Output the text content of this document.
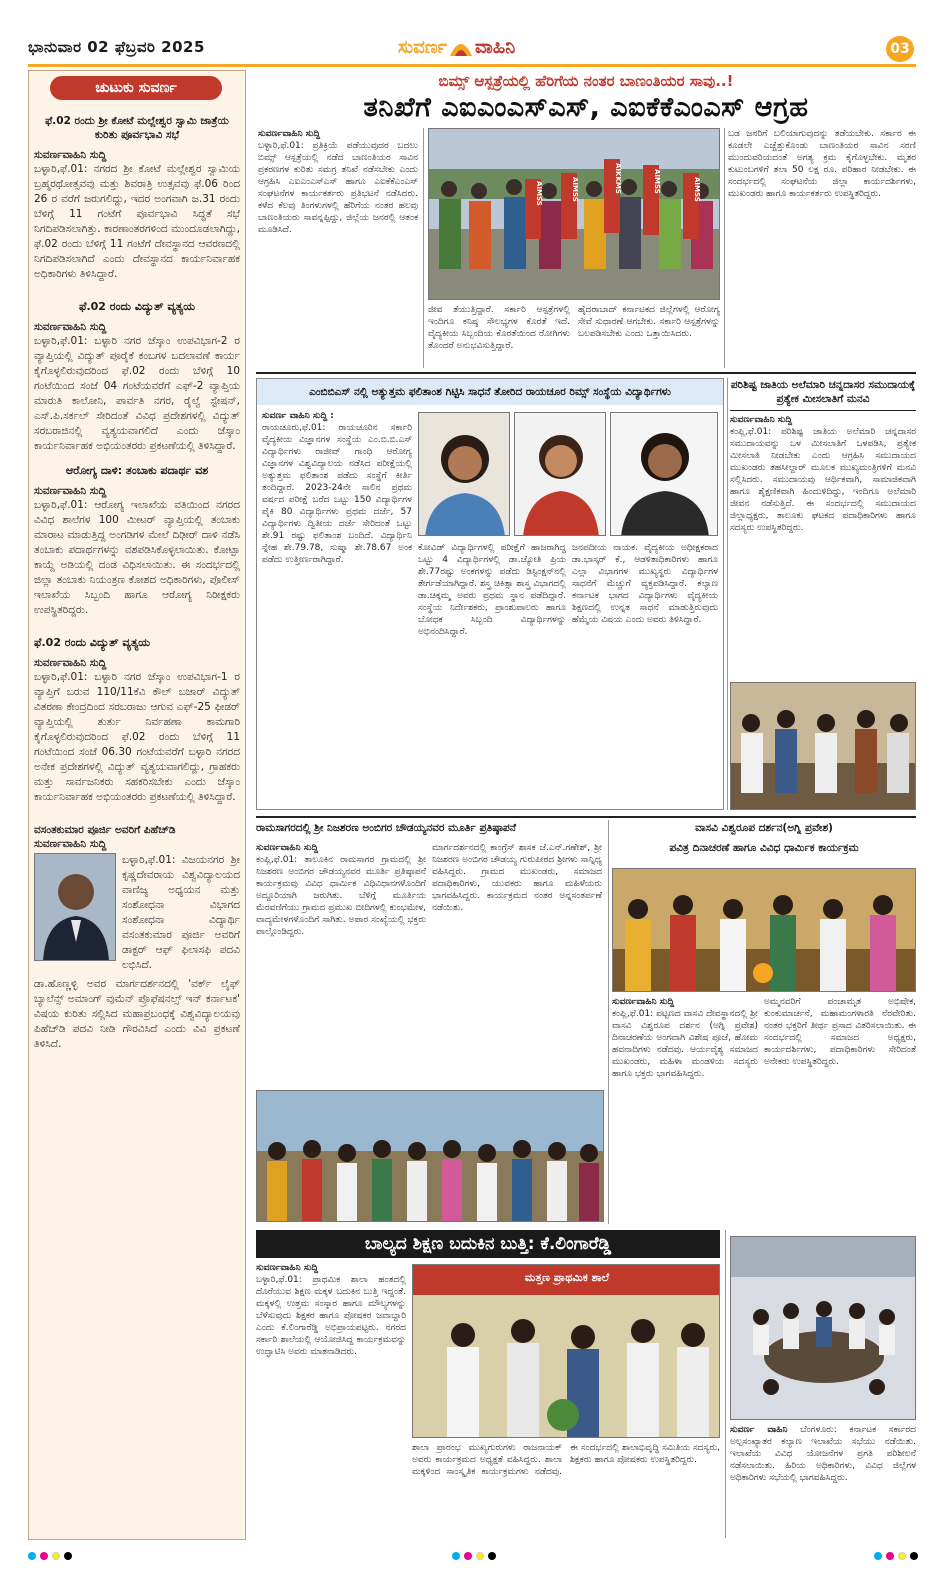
ಭಾನುವಾರ 02 ಫೆಬ್ರವರಿ 2025	ಸುವರ್ಣ ವಾಹಿನಿ	03
ಚುಟುಕು ಸುವರ್ಣ
ಫೆ.02 ರಂದು ಶ್ರೀ ಕೋಟೆ ಮಲ್ಲೇಶ್ವರ ಸ್ವಾಮಿ ಜಾತ್ರೆಯ ಕುರಿತು ಪೂರ್ವಭಾವಿ ಸಭೆ
ಸುವರ್ಣವಾಹಿನಿ ಸುದ್ದಿ
ಬಳ್ಳಾರಿ,ಫೆ.01: ನಗರದ ಶ್ರೀ ಕೋಟೆ ಮಲ್ಲೇಶ್ವರ ಸ್ವಾಮಿಯ ಬ್ರಹ್ಮರಥೋತ್ಸವವು ಮತ್ತು ಶಿವರಾತ್ರಿ ಉತ್ಸವವು ಫೆ.06 ರಿಂದ 26 ರ ವರೆಗೆ ಜರುಗಲಿದ್ದು, ಇದರ ಅಂಗವಾಗಿ ಜ.31 ರಂದು ಬೆಳಿಗ್ಗೆ 11 ಗಂಟೆಗೆ ಪೂರ್ವಭಾವಿ ಸಿದ್ಧತೆ ಸಭೆ ನಿಗದಿಪಡಿಸಲಾಗಿತ್ತು. ಕಾರಣಾಂತರಗಳಿಂದ ಮುಂದೂಡಲಾಗಿದ್ದು, ಫೆ.02 ರಂದು ಬೆಳಿಗ್ಗೆ 11 ಗಂಟೆಗೆ ದೇವಸ್ಥಾನದ ಆವರಣದಲ್ಲಿ ನಿಗದಿಪಡಿಸಲಾಗಿದೆ ಎಂದು ದೇವಸ್ಥಾನದ ಕಾರ್ಯನಿರ್ವಾಹಕ ಅಧಿಕಾರಿಗಳು ತಿಳಿಸಿದ್ದಾರೆ.
ಫೆ.02 ರಂದು ವಿದ್ಯುತ್ ವ್ಯತ್ಯಯ
ಸುವರ್ಣವಾಹಿನಿ ಸುದ್ದಿ
ಬಳ್ಳಾರಿ,ಫೆ.01: ಬಳ್ಳಾರಿ ನಗರ ಜೆಸ್ಕಾಂ ಉಪವಿಭಾಗ-2 ರ ವ್ಯಾಪ್ತಿಯಲ್ಲಿ ವಿದ್ಯುತ್ ಪೂರೈಕೆ ಕಂಬಗಳ ಬದಲಾವಣೆ ಕಾರ್ಯ ಕೈಗೊಳ್ಳಲಿರುವುದರಿಂದ ಫೆ.02 ರಂದು ಬೆಳಿಗ್ಗೆ 10 ಗಂಟೆಯಿಂದ ಸಂಜೆ 04 ಗಂಟೆಯವರೆಗೆ ಎಫ್-2 ವ್ಯಾಪ್ತಿಯ ಮಾರುತಿ ಕಾಲೋನಿ, ಪಾರ್ವತಿ ನಗರ, ರೈಲ್ವೆ ಸ್ಟೇಷನ್, ಎಸ್.ಪಿ.ಸರ್ಕಲ್ ಸೇರಿದಂತೆ ವಿವಿಧ ಪ್ರದೇಶಗಳಲ್ಲಿ ವಿದ್ಯುತ್ ಸರಬರಾಜಿನಲ್ಲಿ ವ್ಯತ್ಯಯವಾಗಲಿದೆ ಎಂದು ಜೆಸ್ಕಾಂ ಕಾರ್ಯನಿರ್ವಾಹಕ ಅಭಿಯಂತರರು ಪ್ರಕಟಣೆಯಲ್ಲಿ ತಿಳಿಸಿದ್ದಾರೆ.
ಆರೋಗ್ಯ ದಾಳಿ: ತಂಬಾಕು ಪದಾರ್ಥ ವಶ
ಸುವರ್ಣವಾಹಿನಿ ಸುದ್ದಿ
ಬಳ್ಳಾರಿ,ಫೆ.01: ಆರೋಗ್ಯ ಇಲಾಖೆಯ ವತಿಯಿಂದ ನಗರದ ವಿವಿಧ ಶಾಲೆಗಳ 100 ಮೀಟರ್ ವ್ಯಾಪ್ತಿಯಲ್ಲಿ ತಂಬಾಕು ಮಾರಾಟ ಮಾಡುತ್ತಿದ್ದ ಅಂಗಡಿಗಳ ಮೇಲೆ ದಿಢೀರ್ ದಾಳಿ ನಡೆಸಿ ತಂಬಾಕು ಪದಾರ್ಥಗಳನ್ನು ವಶಪಡಿಸಿಕೊಳ್ಳಲಾಯಿತು. ಕೋಟ್ಪಾ ಕಾಯ್ದೆ ಅಡಿಯಲ್ಲಿ ದಂಡ ವಿಧಿಸಲಾಯಿತು. ಈ ಸಂದರ್ಭದಲ್ಲಿ ಜಿಲ್ಲಾ ತಂಬಾಕು ನಿಯಂತ್ರಣ ಕೋಶದ ಅಧಿಕಾರಿಗಳು, ಪೊಲೀಸ್ ಇಲಾಖೆಯ ಸಿಬ್ಬಂದಿ ಹಾಗೂ ಆರೋಗ್ಯ ನಿರೀಕ್ಷಕರು ಉಪಸ್ಥಿತರಿದ್ದರು.
ಫೆ.02 ರಂದು ವಿದ್ಯುತ್ ವ್ಯತ್ಯಯ
ಸುವರ್ಣವಾಹಿನಿ ಸುದ್ದಿ
ಬಳ್ಳಾರಿ,ಫೆ.01: ಬಳ್ಳಾರಿ ನಗರ ಜೆಸ್ಕಾಂ ಉಪವಿಭಾಗ-1 ರ ವ್ಯಾಪ್ತಿಗೆ ಬರುವ 110/11ಕೆವಿ ಕೌಲ್ ಬಜಾರ್ ವಿದ್ಯುತ್ ವಿತರಣಾ ಕೇಂದ್ರದಿಂದ ಸರಬರಾಜು ಆಗುವ ಎಫ್-25 ಫೀಡರ್ ವ್ಯಾಪ್ತಿಯಲ್ಲಿ ತುರ್ತು ನಿರ್ವಹಣಾ ಕಾಮಗಾರಿ ಕೈಗೊಳ್ಳಲಿರುವುದರಿಂದ ಫೆ.02 ರಂದು ಬೆಳಿಗ್ಗೆ 11 ಗಂಟೆಯಿಂದ ಸಂಜೆ 06.30 ಗಂಟೆಯವರೆಗೆ ಬಳ್ಳಾರಿ ನಗರದ ಅನೇಕ ಪ್ರದೇಶಗಳಲ್ಲಿ ವಿದ್ಯುತ್ ವ್ಯತ್ಯಯವಾಗಲಿದ್ದು, ಗ್ರಾಹಕರು ಮತ್ತು ಸಾರ್ವಜನಿಕರು ಸಹಕರಿಸಬೇಕು ಎಂದು ಜೆಸ್ಕಾಂ ಕಾರ್ಯನಿರ್ವಾಹಕ ಅಭಿಯಂತರರು ಪ್ರಕಟಣೆಯಲ್ಲಿ ತಿಳಿಸಿದ್ದಾರೆ.
ವಸಂತಕುಮಾರ ಪೂರ್ಜಿ ಅವರಿಗೆ ಪಿಹೆಚ್‌ಡಿ
ಸುವರ್ಣವಾಹಿನಿ ಸುದ್ದಿ
ಬಳ್ಳಾರಿ,ಫೆ.01: ವಿಜಯನಗರ ಶ್ರೀ ಕೃಷ್ಣದೇವರಾಯ ವಿಶ್ವವಿದ್ಯಾಲಯದ ವಾಣಿಜ್ಯ ಅಧ್ಯಯನ ಮತ್ತು ಸಂಶೋಧನಾ ವಿಭಾಗದ ಸಂಶೋಧನಾ ವಿದ್ಯಾರ್ಥಿ ವಸಂತಕುಮಾರ ಪೂರ್ಜಿ ಅವರಿಗೆ ಡಾಕ್ಟರ್ ಆಫ್ ಫಿಲಾಸಫಿ ಪದವಿ ಲಭಿಸಿದೆ.
ಡಾ.ಹೊಣ್ಣಳ್ಳಿ ಅವರ ಮಾರ್ಗದರ್ಶನದಲ್ಲಿ 'ವರ್ಕ್ ಲೈಫ್ ಬ್ಯಾಲೆನ್ಸ್ ಅಮಾಂಗ್ ವುಮೆನ್ ಪ್ರೊಫೆಷನಲ್ಸ್ ಇನ್ ಕರ್ನಾಟಕ' ವಿಷಯ ಕುರಿತು ಸಲ್ಲಿಸಿದ ಮಹಾಪ್ರಬಂಧಕ್ಕೆ ವಿಶ್ವವಿದ್ಯಾಲಯವು ಪಿಹೆಚ್‌ಡಿ ಪದವಿ ನೀಡಿ ಗೌರವಿಸಿದೆ ಎಂದು ವಿವಿ ಪ್ರಕಟಣೆ ತಿಳಿಸಿದೆ.
ಬಿಮ್ಸ್ ಆಸ್ಪತ್ರೆಯಲ್ಲಿ ಹೆರಿಗೆಯ ನಂತರ ಬಾಣಂತಿಯರ ಸಾವು..!
ತನಿಖೆಗೆ ಎಐಎಂಎಸ್‌ಎಸ್, ಎಐಕೆಕೆಎಂಎಸ್ ಆಗ್ರಹ
ಸುವರ್ಣವಾಹಿನಿ ಸುದ್ದಿ
ಬಳ್ಳಾರಿ,ಫೆ.01: ಪ್ರತಿಕ್ರಿಯೆ ಪಡೆಯುವುದರ ಬದಲು ಬಿಮ್ಸ್ ಆಸ್ಪತ್ರೆಯಲ್ಲಿ ನಡೆದ ಬಾಣಂತಿಯರ ಸಾವಿನ ಪ್ರಕರಣಗಳ ಕುರಿತು ಸಮಗ್ರ ತನಿಖೆ ನಡೆಸಬೇಕು ಎಂದು ಆಗ್ರಹಿಸಿ ಎಐಎಂಎಸ್‌ಎಸ್ ಹಾಗೂ ಎಐಕೆಕೆಎಂಎಸ್ ಸಂಘಟನೆಗಳ ಕಾರ್ಯಕರ್ತರು ಪ್ರತಿಭಟನೆ ನಡೆಸಿದರು. ಕಳೆದ ಕೆಲವು ತಿಂಗಳುಗಳಲ್ಲಿ ಹೆರಿಗೆಯ ನಂತರ ಹಲವು ಬಾಣಂತಿಯರು ಸಾವನ್ನಪ್ಪಿದ್ದು, ಜಿಲ್ಲೆಯ ಜನರಲ್ಲಿ ಆತಂಕ ಮೂಡಿಸಿದೆ.
AIMSS	AIMSS	AIKKMS	AIMSS	AIMSS
ಜೀವ ತೆಯುತ್ತಿದ್ದಾರೆ. ಸರ್ಕಾರಿ ಆಸ್ಪತ್ರೆಗಳಲ್ಲಿ ಇಂದಿಗೂ ಕನಿಷ್ಠ ಸೌಲಭ್ಯಗಳ ಕೊರತೆ ಇದೆ. ವೈದ್ಯಕೀಯ ಸಿಬ್ಬಂದಿಯ ಕೊರತೆಯಿಂದ ರೋಗಿಗಳು ತೊಂದರೆ ಅನುಭವಿಸುತ್ತಿದ್ದಾರೆ.
ಹೈದರಾಬಾದ್ ಕರ್ನಾಟಕದ ಜಿಲ್ಲೆಗಳಲ್ಲಿ ಆರೋಗ್ಯ ಸೇವೆ ಸುಧಾರಣೆ ಆಗಬೇಕು. ಸರ್ಕಾರಿ ಆಸ್ಪತ್ರೆಗಳನ್ನು ಬಲಪಡಿಸಬೇಕು ಎಂದು ಒತ್ತಾಯಿಸಿದರು.
ಬಡ ಜನರಿಗೆ ಬಲಿಯಾಗುವುದನ್ನು ತಡೆಯಬೇಕು. ಸರ್ಕಾರ ಈ ಕೂಡಲೇ ಎಚ್ಚೆತ್ತುಕೊಂಡು ಬಾಣಂತಿಯರ ಸಾವಿನ ಸರಣಿ ಮುಂದುವರಿಯದಂತೆ ಅಗತ್ಯ ಕ್ರಮ ಕೈಗೊಳ್ಳಬೇಕು. ಮೃತರ ಕುಟುಂಬಗಳಿಗೆ ತಲಾ 50 ಲಕ್ಷ ರೂ. ಪರಿಹಾರ ನೀಡಬೇಕು. ಈ ಸಂದರ್ಭದಲ್ಲಿ ಸಂಘಟನೆಯ ಜಿಲ್ಲಾ ಕಾರ್ಯದರ್ಶಿಗಳು, ಮುಖಂಡರು ಹಾಗೂ ಕಾರ್ಯಕರ್ತರು ಉಪಸ್ಥಿತರಿದ್ದರು.
ಎಂಬಿಬಿಎಸ್ ನಲ್ಲಿ ಅತ್ಯುತ್ತಮ ಫಲಿತಾಂಶ ಗಿಟ್ಟಿಸಿ ಸಾಧನೆ ತೋರಿದ ರಾಯಚೂರ ರಿಮ್ಸ್ ಸಂಸ್ಥೆಯ ವಿದ್ಯಾರ್ಥಿಗಳು
ಸುವರ್ಣ ವಾಹಿನಿ ಸುದ್ದಿ :
ರಾಯಚೂರು,ಫೆ.01: ರಾಯಚೂರಿನ ಸರ್ಕಾರಿ ವೈದ್ಯಕೀಯ ವಿಜ್ಞಾನಗಳ ಸಂಸ್ಥೆಯ ಎಂ.ಬಿ.ಬಿ.ಎಸ್ ವಿದ್ಯಾರ್ಥಿಗಳು ರಾಜೀವ್ ಗಾಂಧಿ ಆರೋಗ್ಯ ವಿಜ್ಞಾನಗಳ ವಿಶ್ವವಿದ್ಯಾಲಯ ನಡೆಸಿದ ಪರೀಕ್ಷೆಯಲ್ಲಿ ಅತ್ಯುತ್ತಮ ಫಲಿತಾಂಶ ಪಡೆದು ಸಂಸ್ಥೆಗೆ ಕೀರ್ತಿ ತಂದಿದ್ದಾರೆ. 2023-24ನೇ ಸಾಲಿನ ಪ್ರಥಮ ವರ್ಷದ ಪರೀಕ್ಷೆ ಬರೆದ ಒಟ್ಟು 150 ವಿದ್ಯಾರ್ಥಿಗಳ ಪೈಕಿ 80 ವಿದ್ಯಾರ್ಥಿಗಳು ಪ್ರಥಮ ದರ್ಜೆ, 57 ವಿದ್ಯಾರ್ಥಿಗಳು ದ್ವಿತೀಯ ದರ್ಜೆ ಸೇರಿದಂತೆ ಒಟ್ಟು ಶೇ.91 ರಷ್ಟು ಫಲಿತಾಂಶ ಬಂದಿದೆ. ವಿದ್ಯಾರ್ಥಿನಿ ಸ್ನೇಹ ಶೇ.79.78, ಸುಷ್ಮಾ ಶೇ.78.67 ಅಂಕ ಪಡೆದು ಉತ್ತೀರ್ಣರಾಗಿದ್ದಾರೆ.
ಕೋವಿಡ್ ವಿದ್ಯಾರ್ಥಿಗಳಲ್ಲಿ ಪರೀಕ್ಷೆಗೆ ಹಾಜರಾಗಿದ್ದ ಒಟ್ಟು 4 ವಿದ್ಯಾರ್ಥಿಗಳಲ್ಲಿ ಡಾ.ಜ್ಯೋತಿ ಪ್ರಿಯ ಶೇ.77ರಷ್ಟು ಅಂಕಗಳನ್ನು ಪಡೆದು ಡಿಸ್ಟಿಂಕ್ಷನ್‌ನಲ್ಲಿ ತೇರ್ಗಡೆಯಾಗಿದ್ದಾರೆ. ಶಸ್ತ್ರ ಚಿಕಿತ್ಸಾ ಶಾಸ್ತ್ರ ವಿಭಾಗದಲ್ಲಿ ಡಾ.ಚಿಕ್ಕಮ್ಮ ಅವರು ಪ್ರಥಮ ಸ್ಥಾನ ಪಡೆದಿದ್ದಾರೆ. ಸಂಸ್ಥೆಯ ನಿರ್ದೇಶಕರು, ಪ್ರಾಂಶುಪಾಲರು ಹಾಗೂ ಬೋಧಕ ಸಿಬ್ಬಂದಿ ವಿದ್ಯಾರ್ಥಿಗಳನ್ನು ಅಭಿನಂದಿಸಿದ್ದಾರೆ.
ಜನಪದೀಯ ನಾಯಕ. ವೈದ್ಯಕೀಯ ಅಧೀಕ್ಷಕರಾದ ಡಾ.ಭಾಸ್ಕರ್ ಕೆ., ಆಡಳಿತಾಧಿಕಾರಿಗಳು ಹಾಗೂ ಎಲ್ಲಾ ವಿಭಾಗಗಳ ಮುಖ್ಯಸ್ಥರು ವಿದ್ಯಾರ್ಥಿಗಳ ಸಾಧನೆಗೆ ಮೆಚ್ಚುಗೆ ವ್ಯಕ್ತಪಡಿಸಿದ್ದಾರೆ. ಕಲ್ಯಾಣ ಕರ್ನಾಟಕ ಭಾಗದ ವಿದ್ಯಾರ್ಥಿಗಳು ವೈದ್ಯಕೀಯ ಶಿಕ್ಷಣದಲ್ಲಿ ಉನ್ನತ ಸಾಧನೆ ಮಾಡುತ್ತಿರುವುದು ಹೆಮ್ಮೆಯ ವಿಷಯ ಎಂದು ಅವರು ತಿಳಿಸಿದ್ದಾರೆ.
ಪರಿಶಿಷ್ಟ ಜಾತಿಯ ಅಲೆಮಾರಿ ಚನ್ನದಾಸರ ಸಮುದಾಯಕ್ಕೆ ಪ್ರತ್ಯೇಕ ಮೀಸಲಾತಿಗೆ ಮನವಿ
ಸುವರ್ಣವಾಹಿನಿ ಸುದ್ದಿ
ಕಂಪ್ಲಿ,ಫೆ.01: ಪರಿಶಿಷ್ಟ ಜಾತಿಯ ಅಲೆಮಾರಿ ಚನ್ನದಾಸರ ಸಮುದಾಯವನ್ನು ಒಳ ಮೀಸಲಾತಿಗೆ ಒಳಪಡಿಸಿ, ಪ್ರತ್ಯೇಕ ಮೀಸಲಾತಿ ನೀಡಬೇಕು ಎಂದು ಆಗ್ರಹಿಸಿ ಸಮುದಾಯದ ಮುಖಂಡರು ತಹಸೀಲ್ದಾರ್ ಮೂಲಕ ಮುಖ್ಯಮಂತ್ರಿಗಳಿಗೆ ಮನವಿ ಸಲ್ಲಿಸಿದರು. ಸಮುದಾಯವು ಆರ್ಥಿಕವಾಗಿ, ಸಾಮಾಜಿಕವಾಗಿ ಹಾಗೂ ಶೈಕ್ಷಣಿಕವಾಗಿ ಹಿಂದುಳಿದಿದ್ದು, ಇಂದಿಗೂ ಅಲೆಮಾರಿ ಜೀವನ ನಡೆಸುತ್ತಿದೆ. ಈ ಸಂದರ್ಭದಲ್ಲಿ ಸಮುದಾಯದ ಜಿಲ್ಲಾಧ್ಯಕ್ಷರು, ತಾಲೂಕು ಘಟಕದ ಪದಾಧಿಕಾರಿಗಳು ಹಾಗೂ ಸದಸ್ಯರು ಉಪಸ್ಥಿತರಿದ್ದರು.
ರಾಮಸಾಗರದಲ್ಲಿ ಶ್ರೀ ನಿಜಶರಣ ಅಂಬಿಗರ ಚೌಡಯ್ಯನವರ ಮೂರ್ತಿ ಪ್ರತಿಷ್ಠಾಪನೆ
ಸುವರ್ಣವಾಹಿನಿ ಸುದ್ದಿ
ಕಂಪ್ಲಿ,ಫೆ.01: ತಾಲೂಕಿನ ರಾಮಸಾಗರ ಗ್ರಾಮದಲ್ಲಿ ಶ್ರೀ ನಿಜಶರಣ ಅಂಬಿಗರ ಚೌಡಯ್ಯನವರ ಮೂರ್ತಿ ಪ್ರತಿಷ್ಠಾಪನೆ ಕಾರ್ಯಕ್ರಮವು ವಿವಿಧ ಧಾರ್ಮಿಕ ವಿಧಿವಿಧಾನಗಳೊಂದಿಗೆ ಅದ್ದೂರಿಯಾಗಿ ಜರುಗಿತು. ಬೆಳಿಗ್ಗೆ ಮೂರ್ತಿಯ ಮೆರವಣಿಗೆಯು ಗ್ರಾಮದ ಪ್ರಮುಖ ಬೀದಿಗಳಲ್ಲಿ ಕುಂಭಮೇಳ, ವಾದ್ಯಮೇಳಗಳೊಂದಿಗೆ ಸಾಗಿತು. ಅಪಾರ ಸಂಖ್ಯೆಯಲ್ಲಿ ಭಕ್ತರು ಪಾಲ್ಗೊಂಡಿದ್ದರು.
ಮಾರ್ಗದರ್ಶನದಲ್ಲಿ ಕಾಂಗ್ರೆಸ್ ಶಾಸಕ ಜೆ.ಎನ್.ಗಣೇಶ್, ಶ್ರೀ ನಿಜಶರಣ ಅಂಬಿಗರ ಚೌಡಯ್ಯ ಗುರುಪೀಠದ ಶ್ರೀಗಳು ಸಾನ್ನಿಧ್ಯ ವಹಿಸಿದ್ದರು. ಗ್ರಾಮದ ಮುಖಂಡರು, ಸಮಾಜದ ಪದಾಧಿಕಾರಿಗಳು, ಯುವಕರು ಹಾಗೂ ಮಹಿಳೆಯರು ಭಾಗವಹಿಸಿದ್ದರು. ಕಾರ್ಯಕ್ರಮದ ನಂತರ ಅನ್ನಸಂತರ್ಪಣೆ ನಡೆಯಿತು.
ವಾಸವಿ ವಿಶ್ವರೂಪ ದರ್ಶನ(ಅಗ್ನಿ ಪ್ರವೇಶ)
ಪವಿತ್ರ ದಿನಾಚರಣೆ ಹಾಗೂ ವಿವಿಧ ಧಾರ್ಮಿಕ ಕಾರ್ಯಕ್ರಮ
ಸುವರ್ಣವಾಹಿನಿ ಸುದ್ದಿ
ಕಂಪ್ಲಿ,ಫೆ.01: ಪಟ್ಟಣದ ವಾಸವಿ ದೇವಸ್ಥಾನದಲ್ಲಿ ಶ್ರೀ ವಾಸವಿ ವಿಶ್ವರೂಪ ದರ್ಶನ (ಅಗ್ನಿ ಪ್ರವೇಶ) ದಿನಾಚರಣೆಯ ಅಂಗವಾಗಿ ವಿಶೇಷ ಪೂಜೆ, ಹೋಮ ಹವನಾದಿಗಳು ನಡೆದವು. ಆರ್ಯವೈಶ್ಯ ಸಮಾಜದ ಮುಖಂಡರು, ಮಹಿಳಾ ಮಂಡಳಿಯ ಸದಸ್ಯರು ಹಾಗೂ ಭಕ್ತರು ಭಾಗವಹಿಸಿದ್ದರು.
ಅಮ್ಮನವರಿಗೆ ಪಂಚಾಮೃತ ಅಭಿಷೇಕ, ಕುಂಕುಮಾರ್ಚನೆ, ಮಹಾಮಂಗಳಾರತಿ ನೆರವೇರಿತು. ನಂತರ ಭಕ್ತರಿಗೆ ತೀರ್ಥ ಪ್ರಸಾದ ವಿತರಿಸಲಾಯಿತು. ಈ ಸಂದರ್ಭದಲ್ಲಿ ಸಮಾಜದ ಅಧ್ಯಕ್ಷರು, ಕಾರ್ಯದರ್ಶಿಗಳು, ಪದಾಧಿಕಾರಿಗಳು ಸೇರಿದಂತೆ ಅನೇಕರು ಉಪಸ್ಥಿತರಿದ್ದರು.
ಬಾಲ್ಯದ ಶಿಕ್ಷಣ ಬದುಕಿನ ಬುತ್ತಿ: ಕೆ.ಲಿಂಗಾರೆಡ್ಡಿ
ಸುವರ್ಣವಾಹಿನಿ ಸುದ್ದಿ
ಬಳ್ಳಾರಿ,ಫೆ.01: ಪ್ರಾಥಮಿಕ ಶಾಲಾ ಹಂತದಲ್ಲಿ ದೊರೆಯುವ ಶಿಕ್ಷಣ ಮಕ್ಕಳ ಬದುಕಿನ ಬುತ್ತಿ ಇದ್ದಂತೆ. ಮಕ್ಕಳಲ್ಲಿ ಉತ್ತಮ ಸಂಸ್ಕಾರ ಹಾಗೂ ಮೌಲ್ಯಗಳನ್ನು ಬೆಳೆಸುವುದು ಶಿಕ್ಷಕರ ಹಾಗೂ ಪೋಷಕರ ಜವಾಬ್ದಾರಿ ಎಂದು ಕೆ.ಲಿಂಗಾರೆಡ್ಡಿ ಅಭಿಪ್ರಾಯಪಟ್ಟರು. ನಗರದ ಸರ್ಕಾರಿ ಶಾಲೆಯಲ್ಲಿ ಆಯೋಜಿಸಿದ್ದ ಕಾರ್ಯಕ್ರಮವನ್ನು ಉದ್ಘಾಟಿಸಿ ಅವರು ಮಾತನಾಡಿದರು.
ಮತ್ತಣ ಪ್ರಾಥಮಿಕ ಶಾಲೆ
ಶಾಲಾ ಪ್ರಾರಂಭ ಮುಖ್ಯಗುರುಗಳು ರಾಜನಾಯಕ್ ಅವರು ಕಾರ್ಯಕ್ರಮದ ಅಧ್ಯಕ್ಷತೆ ವಹಿಸಿದ್ದರು. ಶಾಲಾ ಮಕ್ಕಳಿಂದ ಸಾಂಸ್ಕೃತಿಕ ಕಾರ್ಯಕ್ರಮಗಳು ನಡೆದವು. ಈ ಸಂದರ್ಭದಲ್ಲಿ ಶಾಲಾಭಿವೃದ್ಧಿ ಸಮಿತಿಯ ಸದಸ್ಯರು, ಶಿಕ್ಷಕರು ಹಾಗೂ ಪೋಷಕರು ಉಪಸ್ಥಿತರಿದ್ದರು.
ಸುವರ್ಣ ವಾಹಿನಿ ಬೆಂಗಳೂರು: ಕರ್ನಾಟಕ ಸರ್ಕಾರದ ಅಲ್ಪಸಂಖ್ಯಾತರ ಕಲ್ಯಾಣ ಇಲಾಖೆಯ ಸಭೆಯು ನಡೆಯಿತು. ಇಲಾಖೆಯ ವಿವಿಧ ಯೋಜನೆಗಳ ಪ್ರಗತಿ ಪರಿಶೀಲನೆ ನಡೆಸಲಾಯಿತು. ಹಿರಿಯ ಅಧಿಕಾರಿಗಳು, ವಿವಿಧ ಜಿಲ್ಲೆಗಳ ಅಧಿಕಾರಿಗಳು ಸಭೆಯಲ್ಲಿ ಭಾಗವಹಿಸಿದ್ದರು.
